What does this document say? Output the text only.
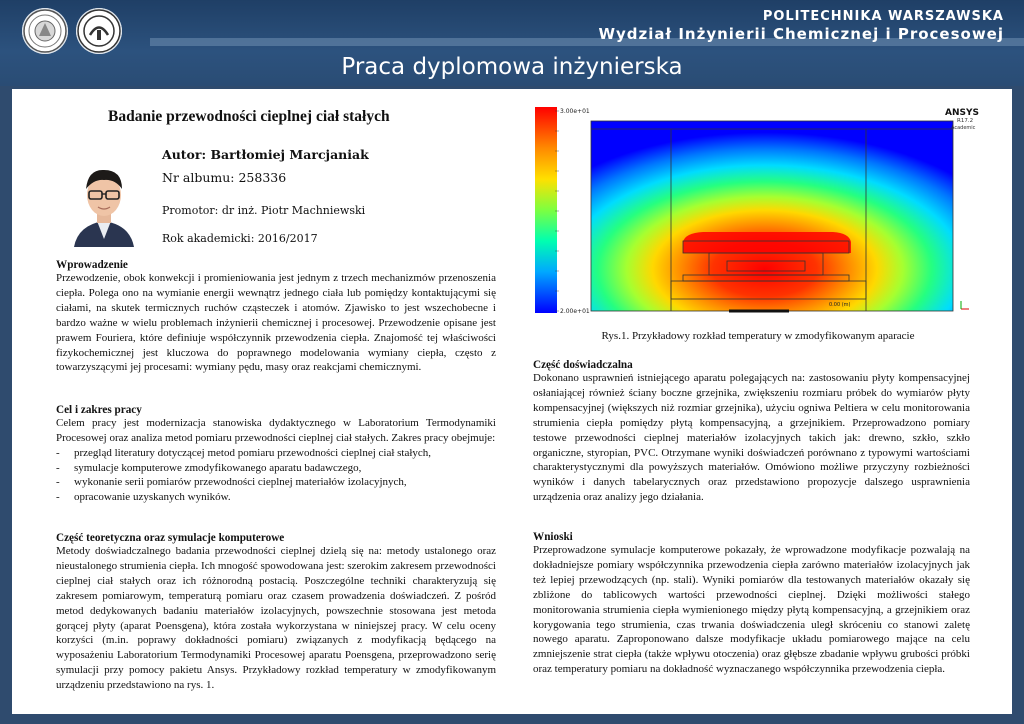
POLITECHNIKA WARSZAWSKA
Wydział Inżynierii Chemicznej i Procesowej
Praca dyplomowa inżynierska
Badanie przewodności cieplnej ciał stałych
Autor: Bartłomiej Marcjaniak
Nr albumu: 258336
Promotor: dr inż. Piotr Machniewski
Rok akademicki: 2016/2017

Wprowadzenie

Przewodzenie, obok konwekcji i promieniowania jest jednym z trzech mechanizmów przenoszenia ciepła. Polega ono na wymianie energii wewnątrz jednego ciała lub pomiędzy kontaktującymi się ciałami, na skutek termicznych ruchów cząsteczek i atomów. Zjawisko to jest wszechobecne i bardzo ważne w wielu problemach inżynierii chemicznej i procesowej. Przewodzenie opisane jest prawem Fouriera, które definiuje współczynnik przewodzenia ciepła. Znajomość tej właściwości fizykochemicznej jest kluczowa do poprawnego modelowania wymiany ciepła, często z towarzyszącymi jej procesami: wymiany pędu, masy oraz reakcjami chemicznymi.

Cel i zakres pracy

Celem pracy jest modernizacja stanowiska dydaktycznego w Laboratorium Termodynamiki Procesowej oraz analiza metod pomiaru przewodności cieplnej ciał stałych. Zakres pracy obejmuje:

- przegląd literatury dotyczącej metod pomiaru przewodności cieplnej ciał stałych,
- symulacje komputerowe zmodyfikowanego aparatu badawczego,
- wykonanie serii pomiarów przewodności cieplnej materiałów izolacyjnych,
- opracowanie uzyskanych wyników.

Część teoretyczna oraz symulacje komputerowe

Metody doświadczalnego badania przewodności cieplnej dzielą się na: metody ustalonego oraz nieustalonego strumienia ciepła. Ich mnogość spowodowana jest: szerokim zakresem przewodności cieplnej ciał stałych oraz ich różnorodną postacią. Poszczególne techniki charakteryzują się zakresem pomiarowym, temperaturą pomiaru oraz czasem prowadzenia doświadczeń. Z pośród metod dedykowanych badaniu materiałów izolacyjnych, powszechnie stosowana jest metoda gorącej płyty (aparat Poensgena), która została wykorzystana w niniejszej pracy. W celu oceny korzyści (m.in. poprawy dokładności pomiaru) związanych z modyfikacją będącego na wyposażeniu Laboratorium Termodynamiki Procesowej aparatu Poensgena, przeprowadzono serię symulacji przy pomocy pakietu Ansys. Przykładowy rozkład temperatury w zmodyfikowanym urządzeniu przedstawiono na rys. 1.

3.00e+01
2.00e+01
0.00 (m)
ANSYS
R17.2
Academic
Rys.1. Przykładowy rozkład temperatury w zmodyfikowanym aparacie

Część doświadczalna

Dokonano usprawnień istniejącego aparatu polegających na: zastosowaniu płyty kompensacyjnej osłaniającej również ściany boczne grzejnika, zwiększeniu rozmiaru próbek do wymiarów płyty kompensacyjnej (większych niż rozmiar grzejnika), użyciu ogniwa Peltiera w celu monitorowania strumienia ciepła pomiędzy płytą kompensacyjną, a grzejnikiem. Przeprowadzono pomiary testowe przewodności cieplnej materiałów izolacyjnych takich jak: drewno, szkło, szkło organiczne, styropian, PVC. Otrzymane wyniki doświadczeń porównano z typowymi wartościami charakterystycznymi dla powyższych materiałów. Omówiono możliwe przyczyny rozbieżności wyników i danych tabelarycznych oraz przedstawiono propozycje dalszego usprawnienia urządzenia oraz analizy jego działania.

Wnioski

Przeprowadzone symulacje komputerowe pokazały, że wprowadzone modyfikacje pozwalają na dokładniejsze pomiary współczynnika przewodzenia ciepła zarówno materiałów izolacyjnych jak też lepiej przewodzących (np. stali). Wyniki pomiarów dla testowanych materiałów okazały się zbliżone do tablicowych wartości przewodności cieplnej. Dzięki możliwości stałego monitorowania strumienia ciepła wymienionego między płytą kompensacyjną, a grzejnikiem oraz korygowania tego strumienia, czas trwania doświadczenia uległ skróceniu co stanowi zaletę nowego aparatu. Zaproponowano dalsze modyfikacje układu pomiarowego mające na celu zmniejszenie strat ciepła (także wpływu otoczenia) oraz głębsze zbadanie wpływu grubości próbki oraz temperatury pomiaru na dokładność wyznaczanego współczynnika przewodzenia ciepła.
